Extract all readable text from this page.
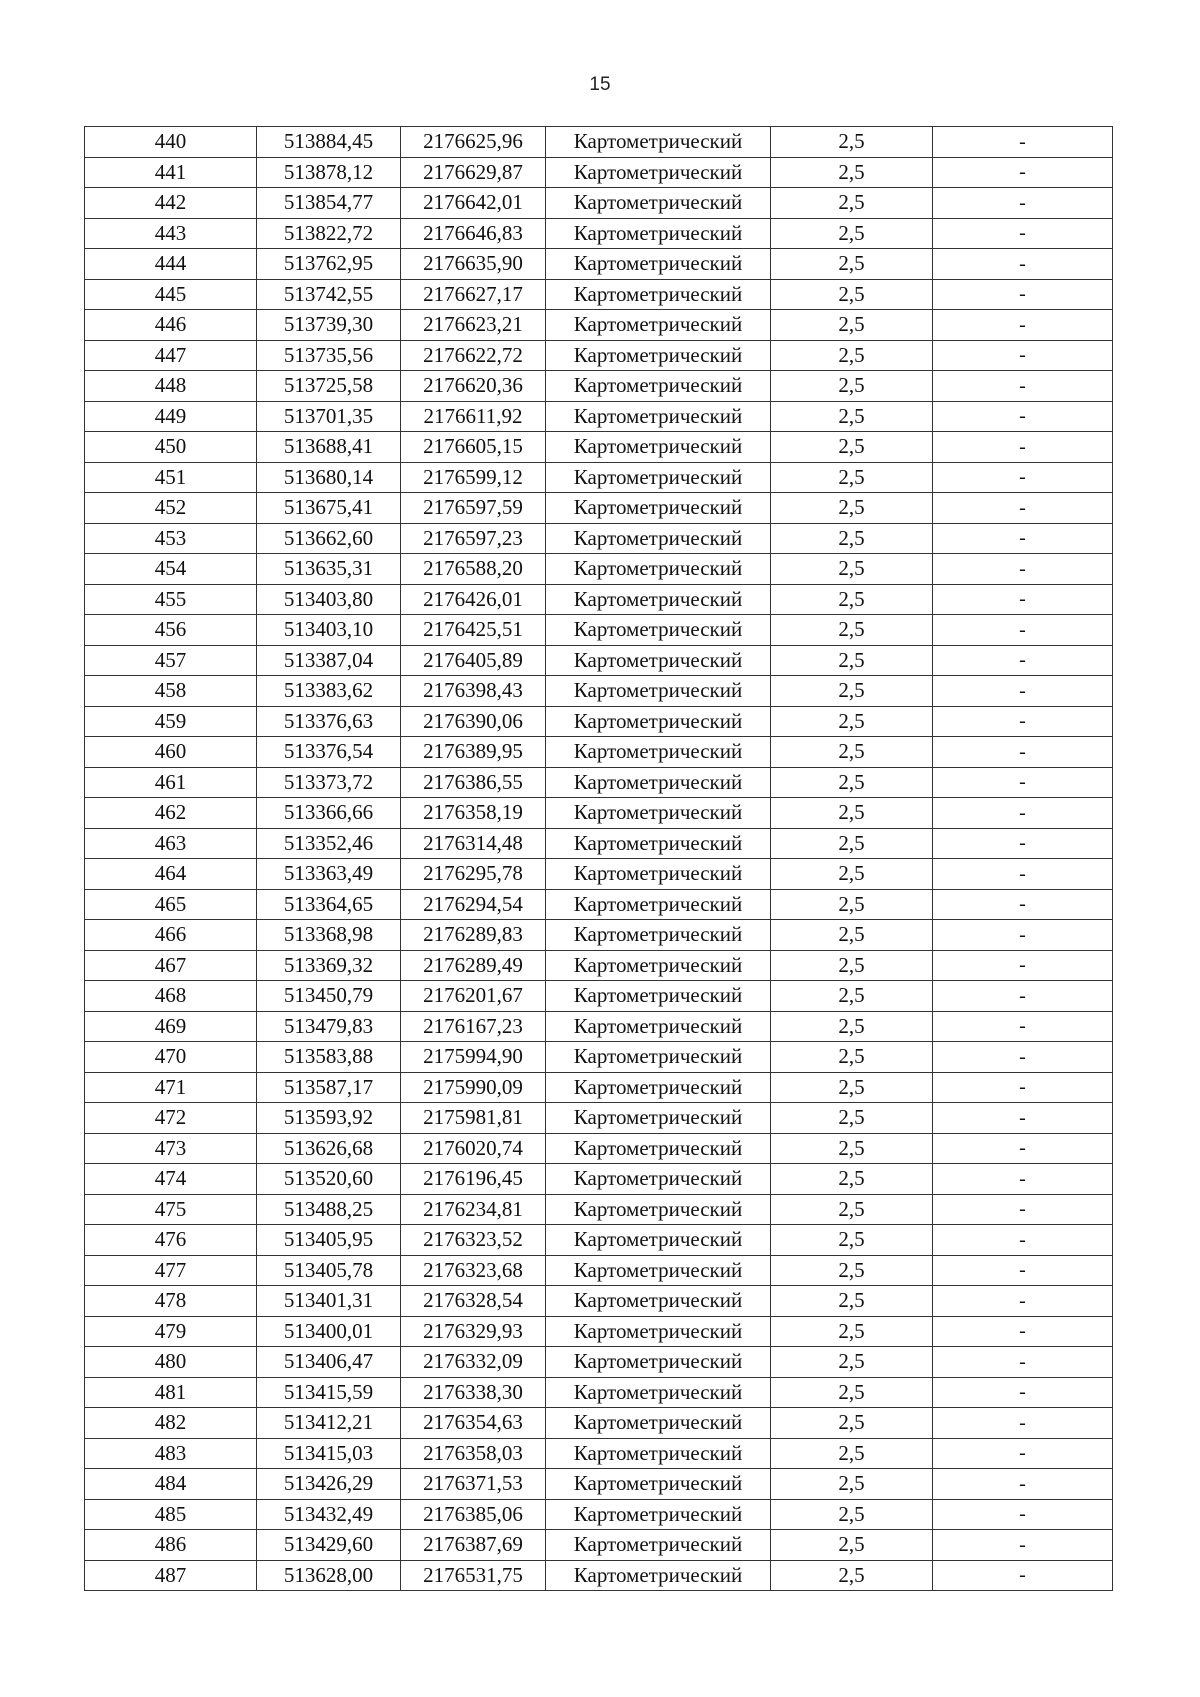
15
440	513884,45	2176625,96	Картометрический	2,5	-
441	513878,12	2176629,87	Картометрический	2,5	-
442	513854,77	2176642,01	Картометрический	2,5	-
443	513822,72	2176646,83	Картометрический	2,5	-
444	513762,95	2176635,90	Картометрический	2,5	-
445	513742,55	2176627,17	Картометрический	2,5	-
446	513739,30	2176623,21	Картометрический	2,5	-
447	513735,56	2176622,72	Картометрический	2,5	-
448	513725,58	2176620,36	Картометрический	2,5	-
449	513701,35	2176611,92	Картометрический	2,5	-
450	513688,41	2176605,15	Картометрический	2,5	-
451	513680,14	2176599,12	Картометрический	2,5	-
452	513675,41	2176597,59	Картометрический	2,5	-
453	513662,60	2176597,23	Картометрический	2,5	-
454	513635,31	2176588,20	Картометрический	2,5	-
455	513403,80	2176426,01	Картометрический	2,5	-
456	513403,10	2176425,51	Картометрический	2,5	-
457	513387,04	2176405,89	Картометрический	2,5	-
458	513383,62	2176398,43	Картометрический	2,5	-
459	513376,63	2176390,06	Картометрический	2,5	-
460	513376,54	2176389,95	Картометрический	2,5	-
461	513373,72	2176386,55	Картометрический	2,5	-
462	513366,66	2176358,19	Картометрический	2,5	-
463	513352,46	2176314,48	Картометрический	2,5	-
464	513363,49	2176295,78	Картометрический	2,5	-
465	513364,65	2176294,54	Картометрический	2,5	-
466	513368,98	2176289,83	Картометрический	2,5	-
467	513369,32	2176289,49	Картометрический	2,5	-
468	513450,79	2176201,67	Картометрический	2,5	-
469	513479,83	2176167,23	Картометрический	2,5	-
470	513583,88	2175994,90	Картометрический	2,5	-
471	513587,17	2175990,09	Картометрический	2,5	-
472	513593,92	2175981,81	Картометрический	2,5	-
473	513626,68	2176020,74	Картометрический	2,5	-
474	513520,60	2176196,45	Картометрический	2,5	-
475	513488,25	2176234,81	Картометрический	2,5	-
476	513405,95	2176323,52	Картометрический	2,5	-
477	513405,78	2176323,68	Картометрический	2,5	-
478	513401,31	2176328,54	Картометрический	2,5	-
479	513400,01	2176329,93	Картометрический	2,5	-
480	513406,47	2176332,09	Картометрический	2,5	-
481	513415,59	2176338,30	Картометрический	2,5	-
482	513412,21	2176354,63	Картометрический	2,5	-
483	513415,03	2176358,03	Картометрический	2,5	-
484	513426,29	2176371,53	Картометрический	2,5	-
485	513432,49	2176385,06	Картометрический	2,5	-
486	513429,60	2176387,69	Картометрический	2,5	-
487	513628,00	2176531,75	Картометрический	2,5	-
